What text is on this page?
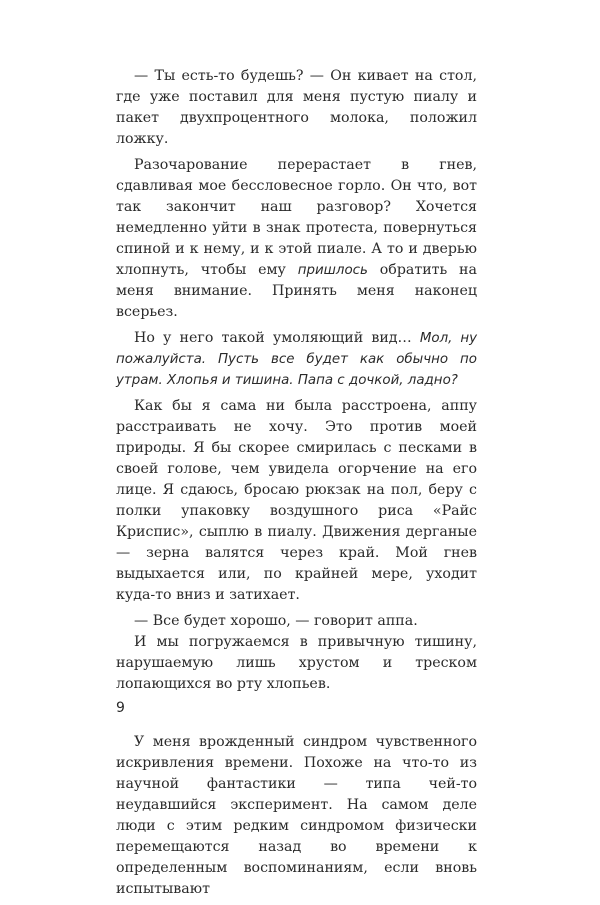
— Ты есть-то будешь? — Он кивает на стол, где уже поставил для меня пустую пиалу и пакет двухпроцентного молока, положил ложку.

Разочарование перерастает в гнев, сдавливая мое бессловесное горло. Он что, вот так закончит наш разговор? Хочется немедленно уйти в знак протеста, повернуться спиной и к нему, и к этой пиале. А то и дверью хлопнуть, чтобы ему пришлось обратить на меня внимание. Принять меня наконец всерьез.

Но у него такой умоляющий вид… Мол, ну пожалуйста. Пусть все будет как обычно по утрам. Хлопья и тишина. Папа с дочкой, ладно?

Как бы я сама ни была расстроена, аппу расстраивать не хочу. Это против моей природы. Я бы скорее смирилась с песками в своей голове, чем увидела огорчение на его лице. Я сдаюсь, бросаю рюкзак на пол, беру с полки упаковку воздушного риса «Райс Криспис», сыплю в пиалу. Движения дерганые — зерна валятся через край. Мой гнев выдыхается или, по крайней мере, уходит куда-то вниз и затихает.

— Все будет хорошо, — говорит аппа.

И мы погружаемся в привычную тишину, нарушаемую лишь хрустом и треском лопающихся во рту хлопьев.

У меня врожденный синдром чувственного искривления времени. Похоже на что-то из научной фантастики — типа чей-то неудавшийся эксперимент. На самом деле люди с этим редким синдромом физически перемещаются назад во времени к определенным воспоминаниям, если вновь испытывают

9
